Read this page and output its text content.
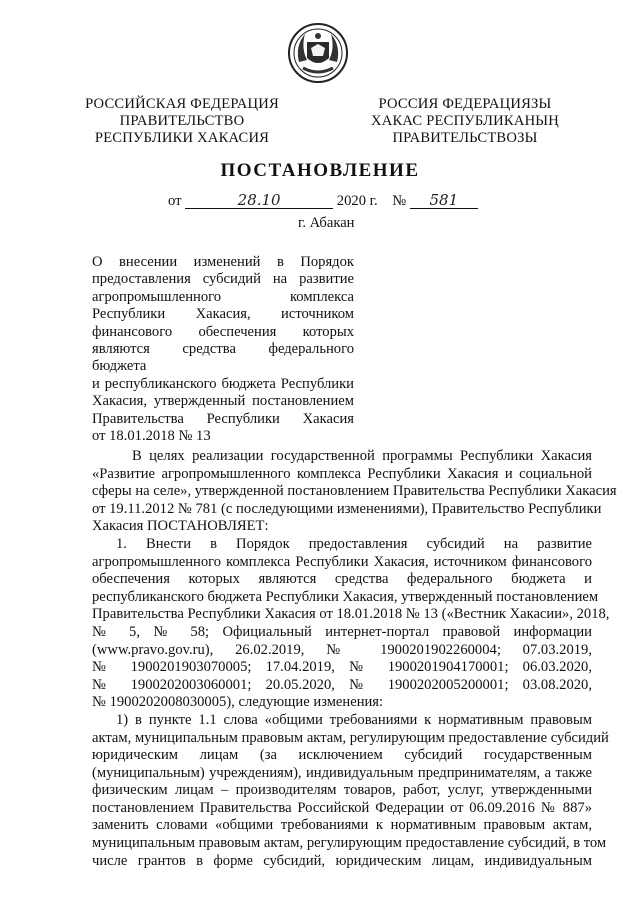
РОССИЙСКАЯ ФЕДЕРАЦИЯ
ПРАВИТЕЛЬСТВО
РЕСПУБЛИКИ ХАКАСИЯ
РОССИЯ ФЕДЕРАЦИЯЗЫ
ХАКАС РЕСПУБЛИКАНЫҢ
ПРАВИТЕЛЬСТВОЗЫ
ПОСТАНОВЛЕНИЕ
от	28.10	2020 г. № 581
г. Абакан
О внесении изменений в Порядок
предоставления субсидий на развитие
агропромышленного комплекса
Республики Хакасия, источником
финансового обеспечения которых
являются средства федерального бюджета
и республиканского бюджета Республики
Хакасия, утвержденный постановлением
Правительства Республики Хакасия
от 18.01.2018 № 13
В целях реализации государственной программы Республики Хакасия
«Развитие агропромышленного комплекса Республики Хакасия и социальной
сферы на селе», утвержденной постановлением Правительства Республики Хакасия
от 19.11.2012 № 781 (с последующими изменениями), Правительство Республики
Хакасия ПОСТАНОВЛЯЕТ:
1. Внести в Порядок предоставления субсидий на развитие
агропромышленного комплекса Республики Хакасия, источником финансового
обеспечения которых являются средства федерального бюджета и
республиканского бюджета Республики Хакасия, утвержденный постановлением
Правительства Республики Хакасия от 18.01.2018 № 13 («Вестник Хакасии», 2018,
№ 5, № 58; Официальный интернет-портал правовой информации
(www.pravo.gov.ru), 26.02.2019, № 1900201902260004; 07.03.2019,
№ 1900201903070005; 17.04.2019, № 1900201904170001; 06.03.2020,
№ 1900202003060001; 20.05.2020, № 1900202005200001; 03.08.2020,
№ 1900202008030005), следующие изменения:
1) в пункте 1.1 слова «общими требованиями к нормативным правовым
актам, муниципальным правовым актам, регулирующим предоставление субсидий
юридическим лицам (за исключением субсидий государственным
(муниципальным) учреждениям), индивидуальным предпринимателям, а также
физическим лицам – производителям товаров, работ, услуг, утвержденными
постановлением Правительства Российской Федерации от 06.09.2016 № 887»
заменить словами «общими требованиями к нормативным правовым актам,
муниципальным правовым актам, регулирующим предоставление субсидий, в том
числе грантов в форме субсидий, юридическим лицам, индивидуальным
